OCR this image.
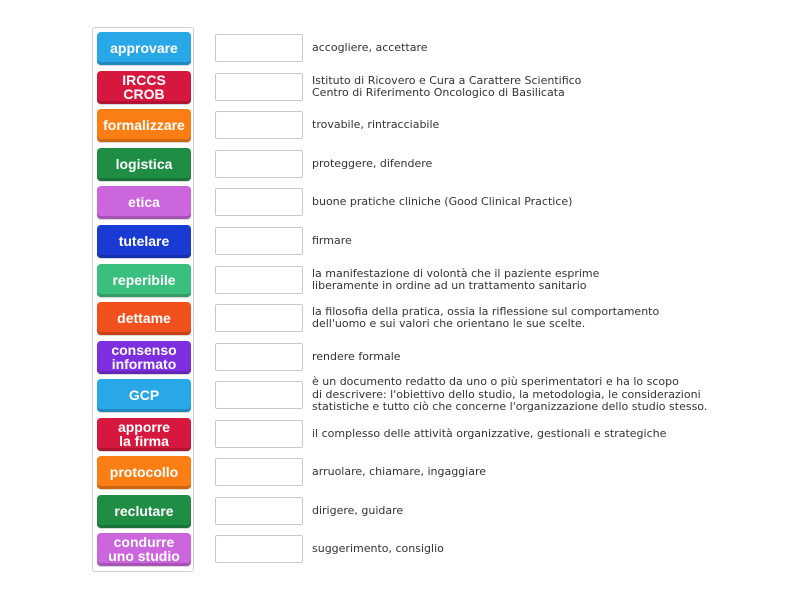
approvare
IRCCS CROB
formalizzare
logistica
etica
tutelare
reperibile
dettame
consenso
informato
GCP
apporre
la firma
protocollo
reclutare
condurre
uno studio
accogliere, accettare
Istituto di Ricovero e Cura a Carattere Scientifico
Centro di Riferimento Oncologico di Basilicata
trovabile, rintracciabile
proteggere, difendere
buone pratiche cliniche (Good Clinical Practice)
firmare
la manifestazione di volontà che il paziente esprime
liberamente in ordine ad un trattamento sanitario
la filosofia della pratica, ossia la riflessione sul comportamento
dell'uomo e sui valori che orientano le sue scelte.
rendere formale
è un documento redatto da uno o più sperimentatori e ha lo scopo
di descrivere: l'obiettivo dello studio, la metodologia, le considerazioni
statistiche e tutto ciò che concerne l'organizzazione dello studio stesso.
il complesso delle attività organizzative, gestionali e strategiche
arruolare, chiamare, ingaggiare
dirigere, guidare
suggerimento, consiglio
